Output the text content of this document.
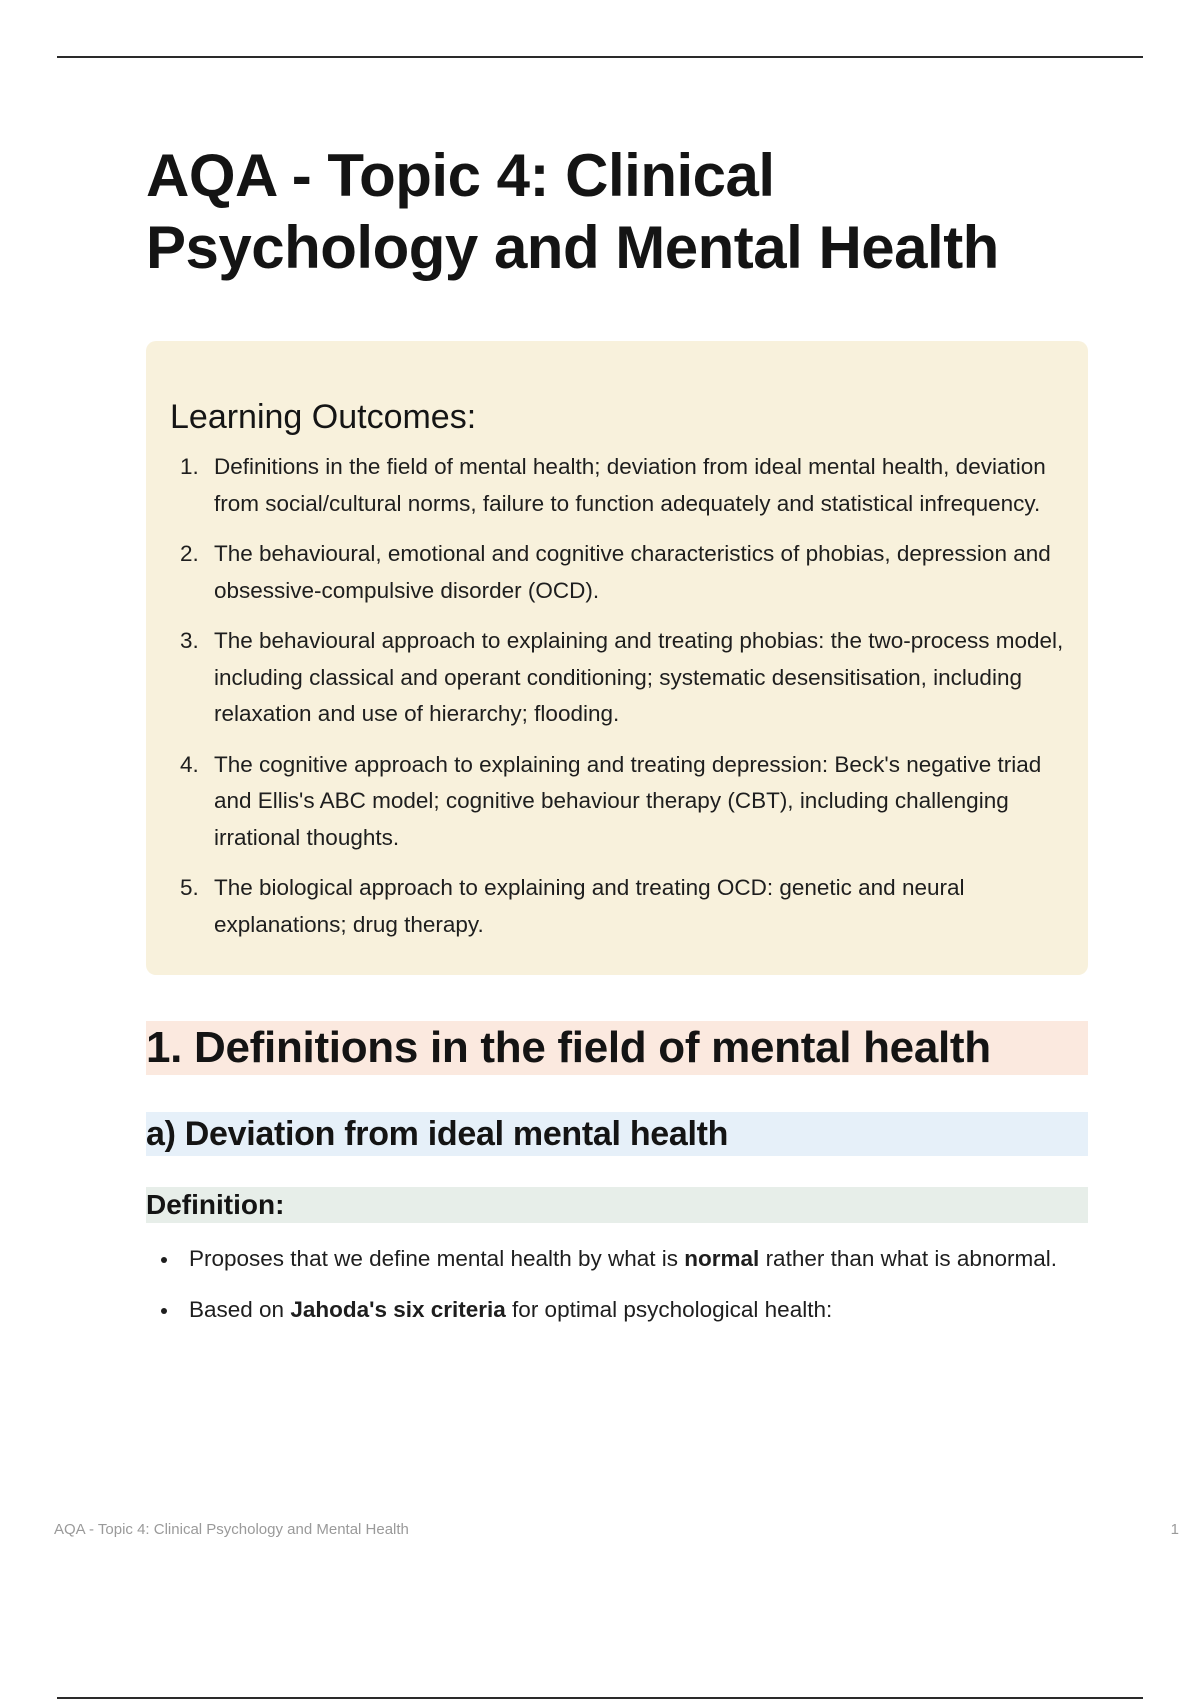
AQA - Topic 4: Clinical Psychology and Mental Health
Learning Outcomes:
1. Definitions in the field of mental health; deviation from ideal mental health, deviation from social/cultural norms, failure to function adequately and statistical infrequency.
2. The behavioural, emotional and cognitive characteristics of phobias, depression and obsessive-compulsive disorder (OCD).
3. The behavioural approach to explaining and treating phobias: the two-process model, including classical and operant conditioning; systematic desensitisation, including relaxation and use of hierarchy; flooding.
4. The cognitive approach to explaining and treating depression: Beck's negative triad and Ellis's ABC model; cognitive behaviour therapy (CBT), including challenging irrational thoughts.
5. The biological approach to explaining and treating OCD: genetic and neural explanations; drug therapy.
1. Definitions in the field of mental health
a) Deviation from ideal mental health
Definition:
Proposes that we define mental health by what is normal rather than what is abnormal.
Based on Jahoda's six criteria for optimal psychological health:
AQA - Topic 4: Clinical Psychology and Mental Health	1
